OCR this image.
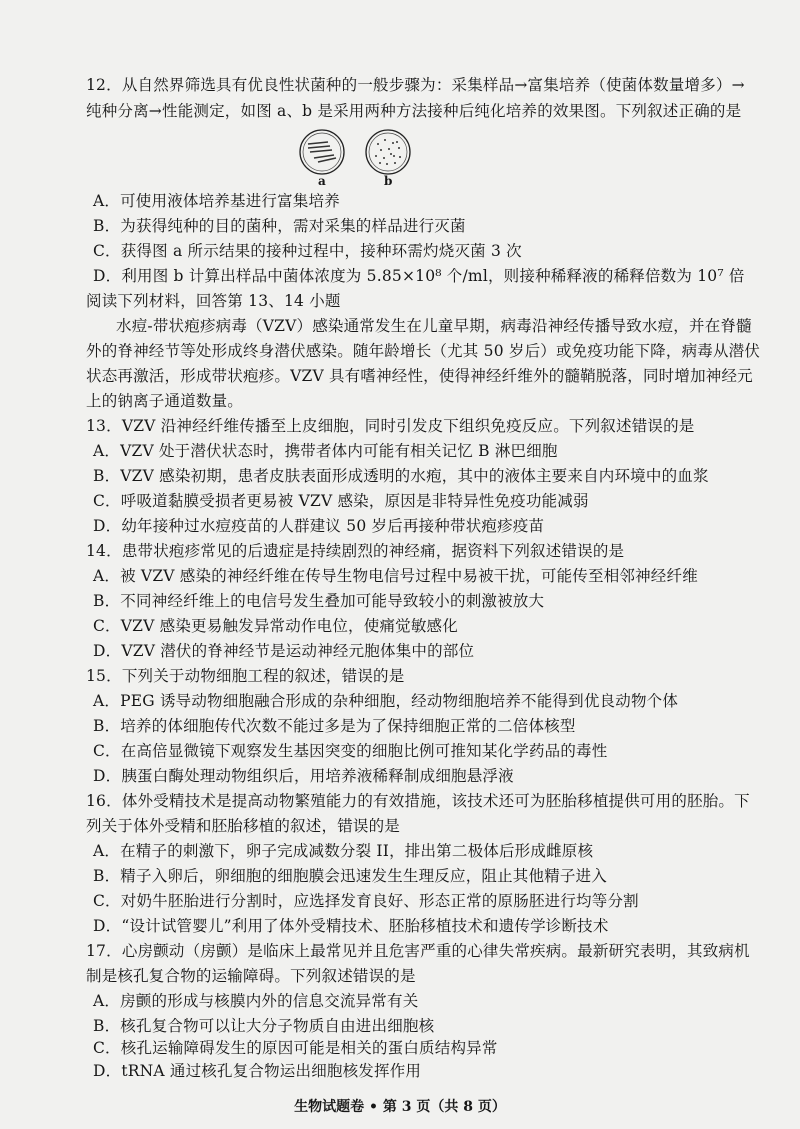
12．从自然界筛选具有优良性状菌种的一般步骤为：采集样品→富集培养（使菌体数量增多）→
纯种分离→性能测定，如图 a、b 是采用两种方法接种后纯化培养的效果图。下列叙述正确的是
a	b
A．可使用液体培养基进行富集培养
B．为获得纯种的目的菌种，需对采集的样品进行灭菌
C．获得图 a 所示结果的接种过程中，接种环需灼烧灭菌 3 次
D．利用图 b 计算出样品中菌体浓度为 5.85×10⁸ 个/ml，则接种稀释液的稀释倍数为 10⁷ 倍
阅读下列材料，回答第 13、14 小题
水痘-带状疱疹病毒（VZV）感染通常发生在儿童早期，病毒沿神经传播导致水痘，并在脊髓
外的脊神经节等处形成终身潜伏感染。随年龄增长（尤其 50 岁后）或免疫功能下降，病毒从潜伏
状态再激活，形成带状疱疹。VZV 具有嗜神经性，使得神经纤维外的髓鞘脱落，同时增加神经元
上的钠离子通道数量。
13．VZV 沿神经纤维传播至上皮细胞，同时引发皮下组织免疫反应。下列叙述错误的是
A．VZV 处于潜伏状态时，携带者体内可能有相关记忆 B 淋巴细胞
B．VZV 感染初期，患者皮肤表面形成透明的水疱，其中的液体主要来自内环境中的血浆
C．呼吸道黏膜受损者更易被 VZV 感染，原因是非特异性免疫功能减弱
D．幼年接种过水痘疫苗的人群建议 50 岁后再接种带状疱疹疫苗
14．患带状疱疹常见的后遗症是持续剧烈的神经痛，据资料下列叙述错误的是
A．被 VZV 感染的神经纤维在传导生物电信号过程中易被干扰，可能传至相邻神经纤维
B．不同神经纤维上的电信号发生叠加可能导致较小的刺激被放大
C．VZV 感染更易触发异常动作电位，使痛觉敏感化
D．VZV 潜伏的脊神经节是运动神经元胞体集中的部位
15．下列关于动物细胞工程的叙述，错误的是
A．PEG 诱导动物细胞融合形成的杂种细胞，经动物细胞培养不能得到优良动物个体
B．培养的体细胞传代次数不能过多是为了保持细胞正常的二倍体核型
C．在高倍显微镜下观察发生基因突变的细胞比例可推知某化学药品的毒性
D．胰蛋白酶处理动物组织后，用培养液稀释制成细胞悬浮液
16．体外受精技术是提高动物繁殖能力的有效措施，该技术还可为胚胎移植提供可用的胚胎。下
列关于体外受精和胚胎移植的叙述，错误的是
A．在精子的刺激下，卵子完成减数分裂 II，排出第二极体后形成雌原核
B．精子入卵后，卵细胞的细胞膜会迅速发生生理反应，阻止其他精子进入
C．对奶牛胚胎进行分割时，应选择发育良好、形态正常的原肠胚进行均等分割
D．“设计试管婴儿”利用了体外受精技术、胚胎移植技术和遗传学诊断技术
17．心房颤动（房颤）是临床上最常见并且危害严重的心律失常疾病。最新研究表明，其致病机
制是核孔复合物的运输障碍。下列叙述错误的是
A．房颤的形成与核膜内外的信息交流异常有关
B．核孔复合物可以让大分子物质自由进出细胞核
C．核孔运输障碍发生的原因可能是相关的蛋白质结构异常
D．tRNA 通过核孔复合物运出细胞核发挥作用
生物试题卷 • 第 3 页（共 8 页）
